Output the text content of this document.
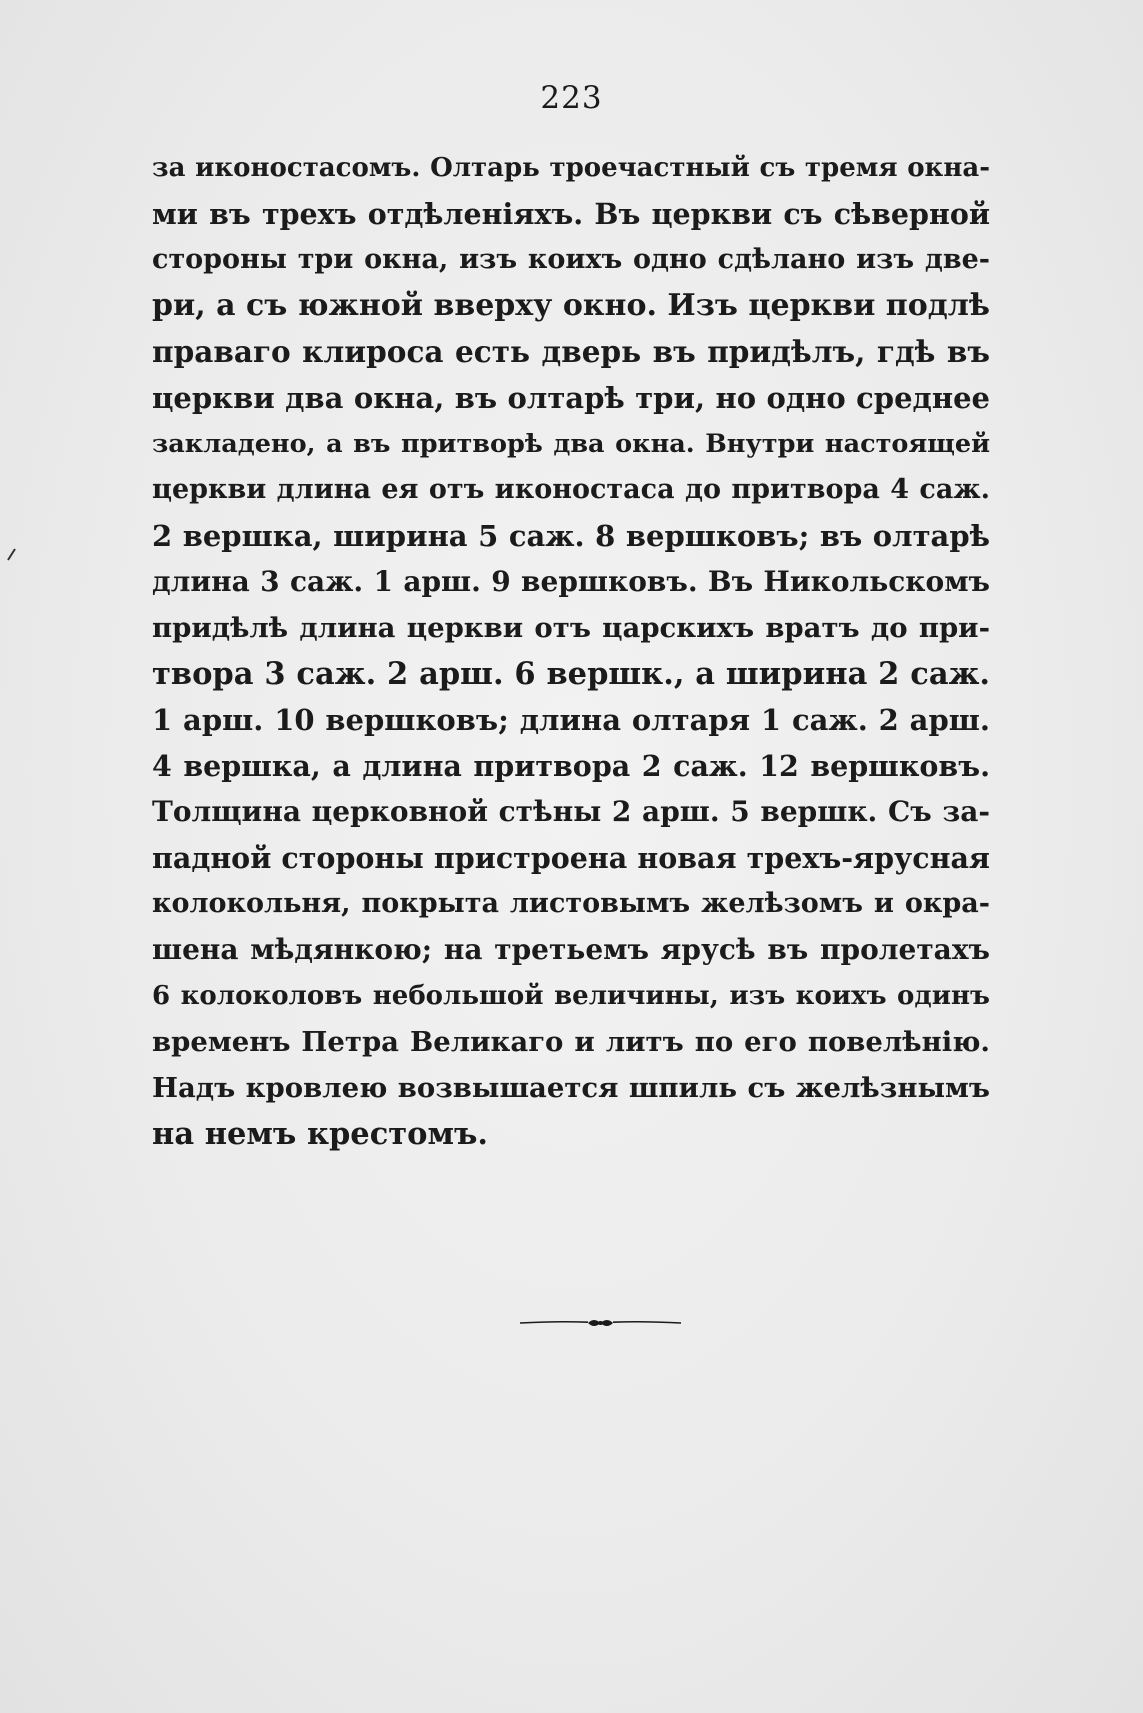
223
за иконостасомъ. Олтарь троечастный съ тремя окна-
ми въ трехъ отдѣленіяхъ. Въ церкви съ сѣверной
стороны три окна, изъ коихъ одно сдѣлано изъ две-
ри, а съ южной вверху окно. Изъ церкви подлѣ
праваго клироса есть дверь въ придѣлъ, гдѣ въ
церкви два окна, въ олтарѣ три, но одно среднее
закладено, а въ притворѣ два окна. Внутри настоящей
церкви длина ея отъ иконостаса до притвора 4 саж.
2 вершка, ширина 5 саж. 8 вершковъ; въ олтарѣ
длина 3 саж. 1 арш. 9 вершковъ. Въ Никольскомъ
придѣлѣ длина церкви отъ царскихъ вратъ до при-
твора 3 саж. 2 арш. 6 вершк., а ширина 2 саж.
1 арш. 10 вершковъ; длина олтаря 1 саж. 2 арш.
4 вершка, а длина притвора 2 саж. 12 вершковъ.
Толщина церковной стѣны 2 арш. 5 вершк. Съ за-
падной стороны пристроена новая трехъ-ярусная
колокольня, покрыта листовымъ желѣзомъ и окра-
шена мѣдянкою; на третьемъ ярусѣ въ пролетахъ
6 колоколовъ небольшой величины, изъ коихъ одинъ
временъ Петра Великаго и литъ по его повелѣнію.
Надъ кровлею возвышается шпиль съ желѣзнымъ
на немъ крестомъ.
